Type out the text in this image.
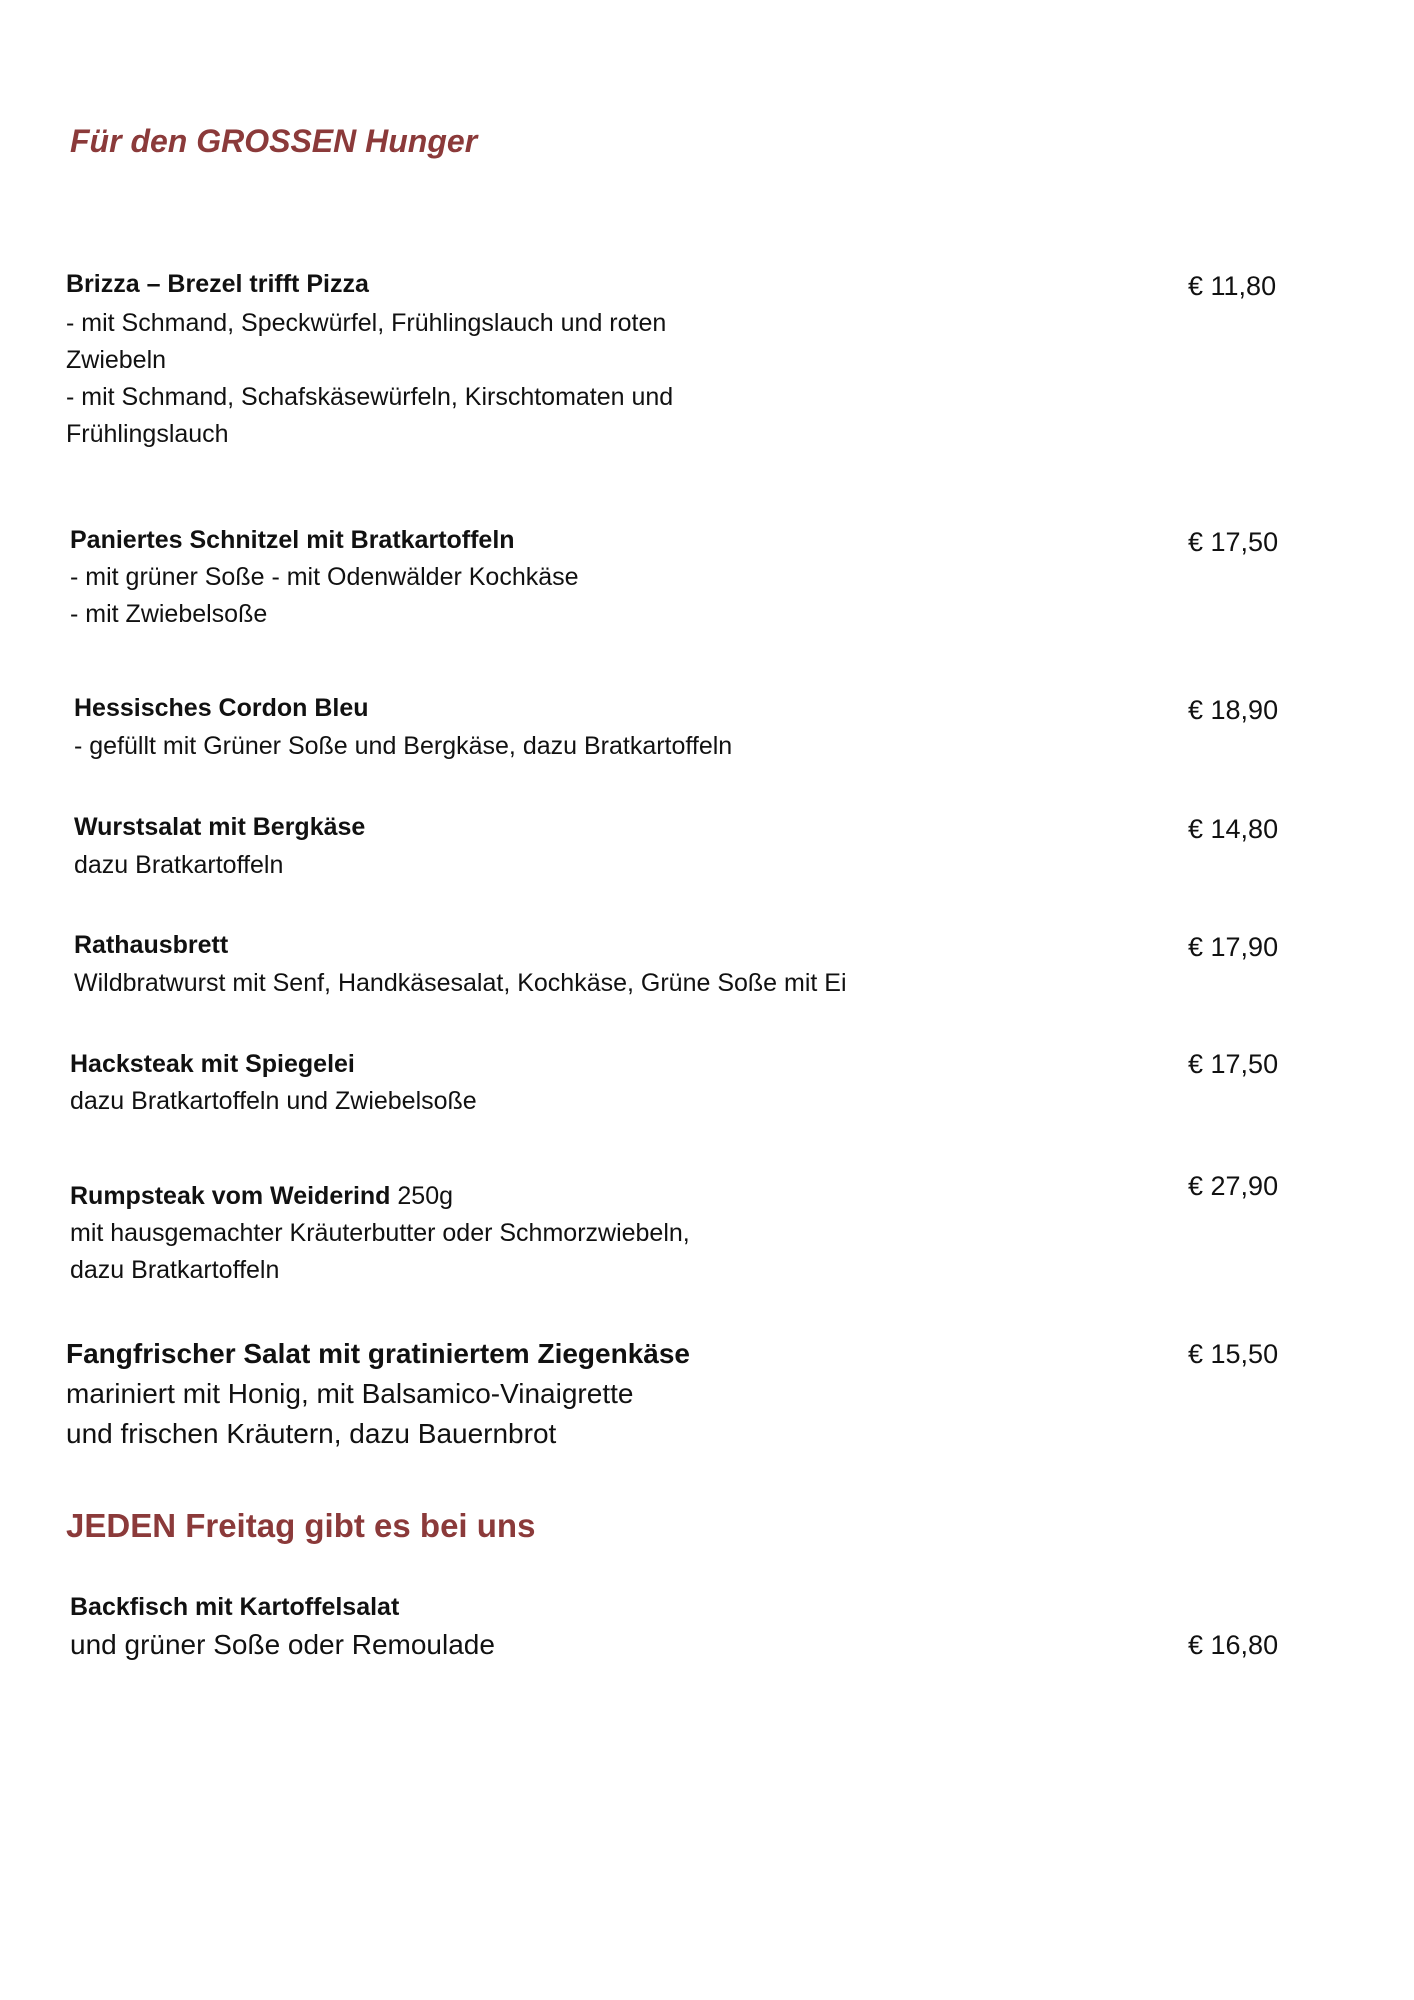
Für den GROSSEN Hunger
Brizza – Brezel trifft Pizza
- mit Schmand, Speckwürfel, Frühlingslauch und roten
Zwiebeln
- mit Schmand, Schafskäsewürfeln, Kirschtomaten und
Frühlingslauch
€ 11,80
Paniertes Schnitzel mit Bratkartoffeln
- mit grüner Soße - mit Odenwälder Kochkäse
- mit Zwiebelsoße
€ 17,50
Hessisches Cordon Bleu
- gefüllt mit Grüner Soße und Bergkäse, dazu Bratkartoffeln
€ 18,90
Wurstsalat mit Bergkäse
dazu Bratkartoffeln
€ 14,80
Rathausbrett
Wildbratwurst mit Senf, Handkäsesalat, Kochkäse, Grüne Soße mit Ei
€ 17,90
Hacksteak mit Spiegelei
dazu Bratkartoffeln und Zwiebelsoße
€ 17,50
Rumpsteak vom Weiderind 250g
mit hausgemachter Kräuterbutter oder Schmorzwiebeln,
dazu Bratkartoffeln
€ 27,90
Fangfrischer Salat mit gratiniertem Ziegenkäse
mariniert mit Honig, mit Balsamico-Vinaigrette
und frischen Kräutern, dazu Bauernbrot
€ 15,50
JEDEN Freitag gibt es bei uns
Backfisch mit Kartoffelsalat
und grüner Soße oder Remoulade	€ 16,80
